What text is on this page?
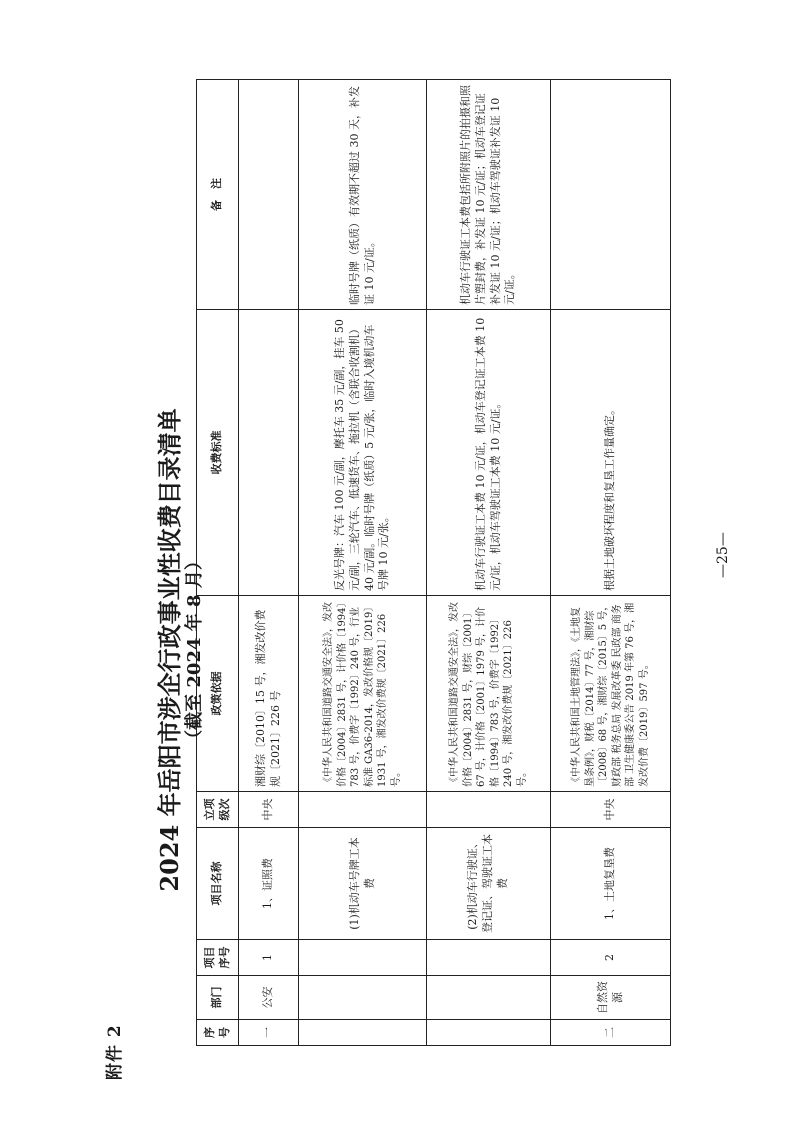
附件 2
2024 年岳阳市涉企行政事业性收费目录清单 （截至 2024 年 8 月）
序号	部门	项目序号	项目名称	立项级次	政策依据	收费标准	备　注
一	公安	1	1、证照费	中央	湘财综〔2010〕15 号，湘发改价费规〔2021〕226 号		
			(1)机动车号牌工本费		《中华人民共和国道路交通安全法》，发改价格〔2004〕2831 号，计价格〔1994〕783 号，价费字〔1992〕240 号，行业标准 GA36-2014，发改价格规〔2019〕1931 号，湘发改价费规〔2021〕226 号。	反光号牌：汽车 100 元/副，摩托车 35 元/副，挂车 50 元/副，三轮汽车、低速货车、拖拉机（含联合收割机）40 元/副。临时号牌（纸质）5 元/张，临时入境机动车号牌 10 元/张。	临时号牌（纸质）有效期不超过 30 天，补发证 10 元/证。
			(2)机动车行驶证、登记证、驾驶证工本费		《中华人民共和国道路交通安全法》，发改价格〔2004〕2831 号，财综〔2001〕67 号，计价格〔2001〕1979 号，计价格〔1994〕783 号，价费字〔1992〕240 号，湘发改价费规〔2021〕226 号。	机动车行驶证工本费 10 元/证，机动车登记证工本费 10 元/证，机动车驾驶证工本费 10 元/证。	机动车行驶证工本费包括所附照片的拍摄和照片塑封费，补发证 10 元/证；机动车登记证补发证 10 元/证；机动车驾驶证补发证 10 元/证。
二	自然资源	2	1、土地复垦费	中央	《中华人民共和国土地管理法》，《土地复垦条例》，财税〔2014〕77 号，湘财综〔2008〕68 号，湘财综〔2015〕5 号，财政部 税务总局 发展改革委 民政部 商务部 卫生健康委公告 2019 年第 76 号，湘发改价费〔2019〕597 号。	根据土地破坏程度和复垦工作量确定。		—25—
